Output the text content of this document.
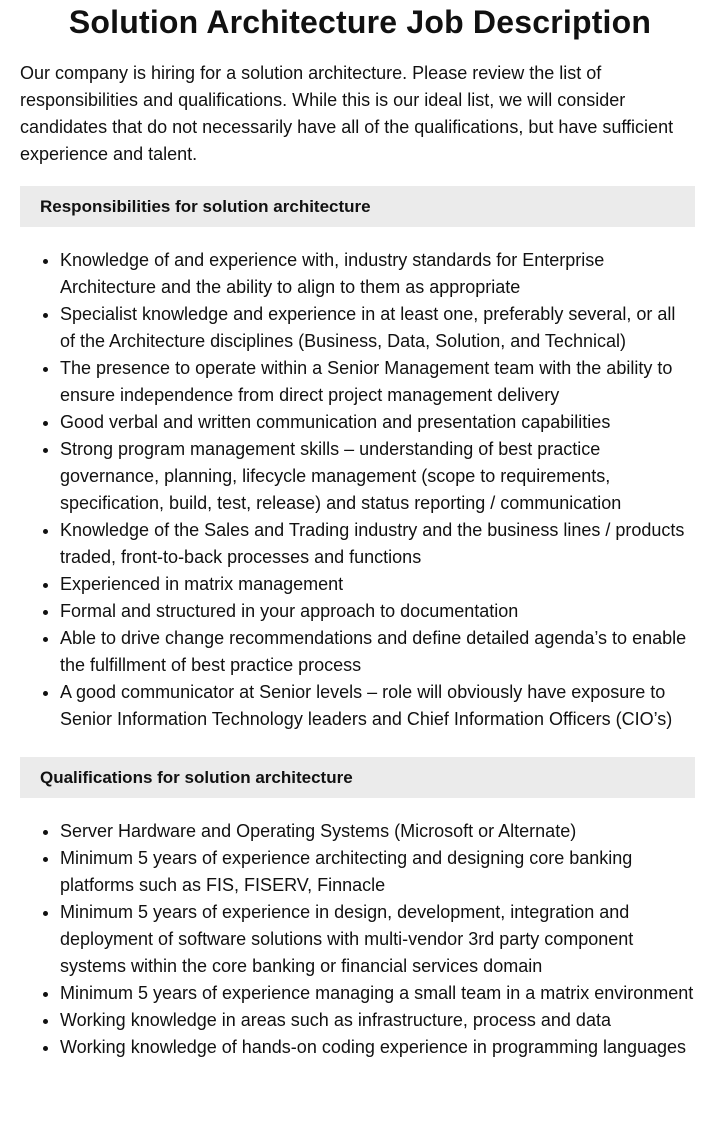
Solution Architecture Job Description

Our company is hiring for a solution architecture. Please review the list of responsibilities and qualifications. While this is our ideal list, we will consider candidates that do not necessarily have all of the qualifications, but have sufficient experience and talent.

Responsibilities for solution architecture
• Knowledge of and experience with, industry standards for Enterprise Architecture and the ability to align to them as appropriate
• Specialist knowledge and experience in at least one, preferably several, or all of the Architecture disciplines (Business, Data, Solution, and Technical)
• The presence to operate within a Senior Management team with the ability to ensure independence from direct project management delivery
• Good verbal and written communication and presentation capabilities
• Strong program management skills – understanding of best practice governance, planning, lifecycle management (scope to requirements, specification, build, test, release) and status reporting / communication
• Knowledge of the Sales and Trading industry and the business lines / products traded, front-to-back processes and functions
• Experienced in matrix management
• Formal and structured in your approach to documentation
• Able to drive change recommendations and define detailed agenda’s to enable the fulfillment of best practice process
• A good communicator at Senior levels – role will obviously have exposure to Senior Information Technology leaders and Chief Information Officers (CIO’s)
Qualifications for solution architecture
• Server Hardware and Operating Systems (Microsoft or Alternate)
• Minimum 5 years of experience architecting and designing core banking platforms such as FIS, FISERV, Finnacle
• Minimum 5 years of experience in design, development, integration and deployment of software solutions with multi-vendor 3rd party component systems within the core banking or financial services domain
• Minimum 5 years of experience managing a small team in a matrix environment
• Working knowledge in areas such as infrastructure, process and data
• Working knowledge of hands-on coding experience in programming languages
